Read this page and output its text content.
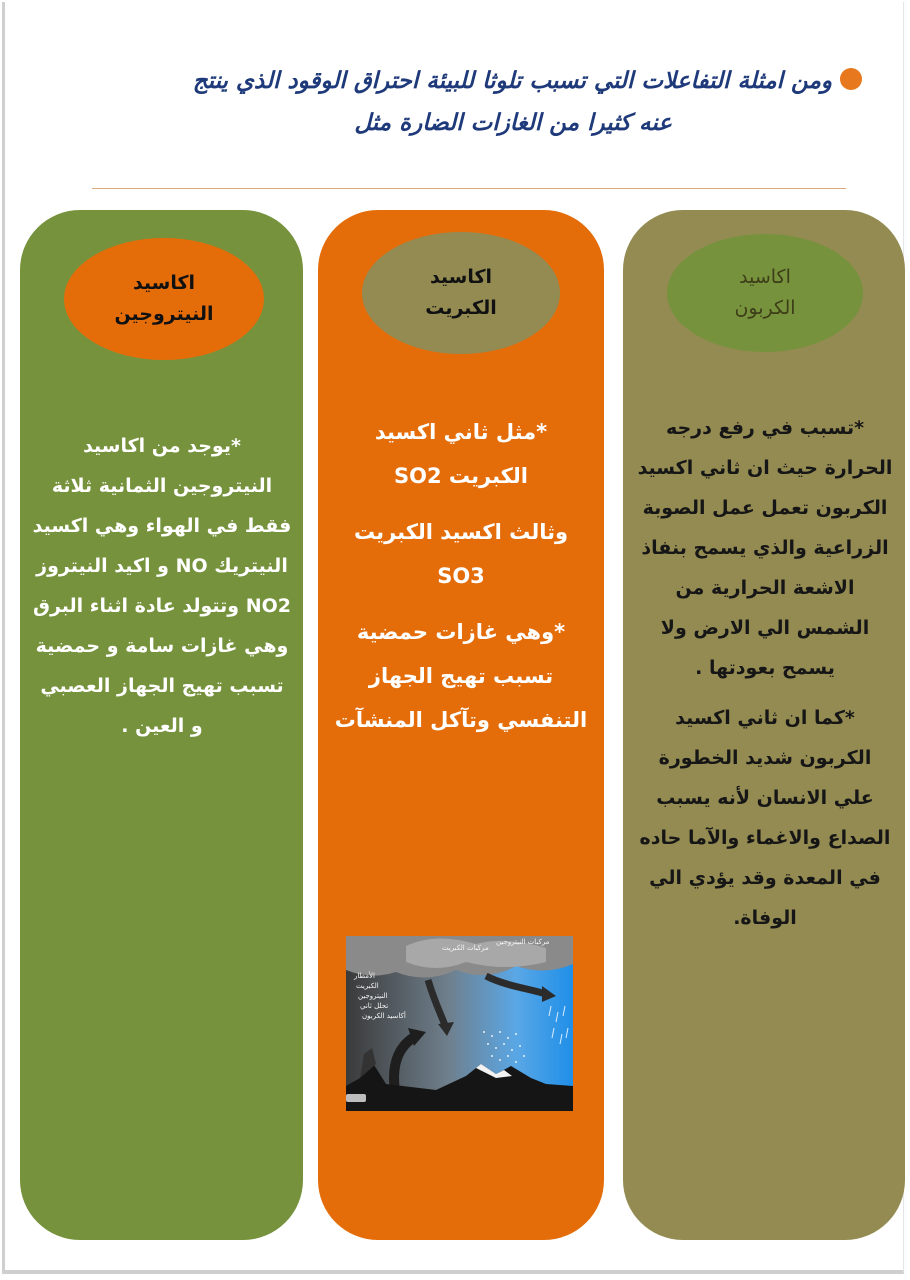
ومن امثلة التفاعلات التي تسبب تلوثا للبيئة احتراق الوقود الذي ينتج
عنه كثيرا من الغازات الضارة مثل
اكاسيد
الكربون

*تسبب في رفع درجه الحرارة حيث ان ثاني اكسيد الكربون تعمل عمل الصوبة الزراعية والذي يسمح بنفاذ الاشعة الحرارية من الشمس الي الارض ولا يسمح بعودتها .

*كما ان ثاني اكسيد الكربون شديد الخطورة علي الانسان لأنه يسبب الصداع والاغماء والآما حاده في المعدة وقد يؤدي الي الوفاة.

اكاسيد
الكبريت

*مثل ثاني اكسيد الكبريت SO2

وثالث اكسيد الكبريت SO3

*وهي غازات حمضية تسبب تهيج الجهاز التنفسي وتآكل المنشآت

مركبات الكبريت
مركبات النيتروجين
الأمطار
الكبريت
النيتروجين
تحلل ثاني
أكاسيد الكربون
اكاسيد
النيتروجين

*يوجد من اكاسيد النيتروجين الثمانية ثلاثة فقط في الهواء وهي اكسيد النيتريك NO و اكيد النيتروز NO2 وتتولد عادة اثناء البرق وهي غازات سامة و حمضية تسبب تهيج الجهاز العصبي و العين .
